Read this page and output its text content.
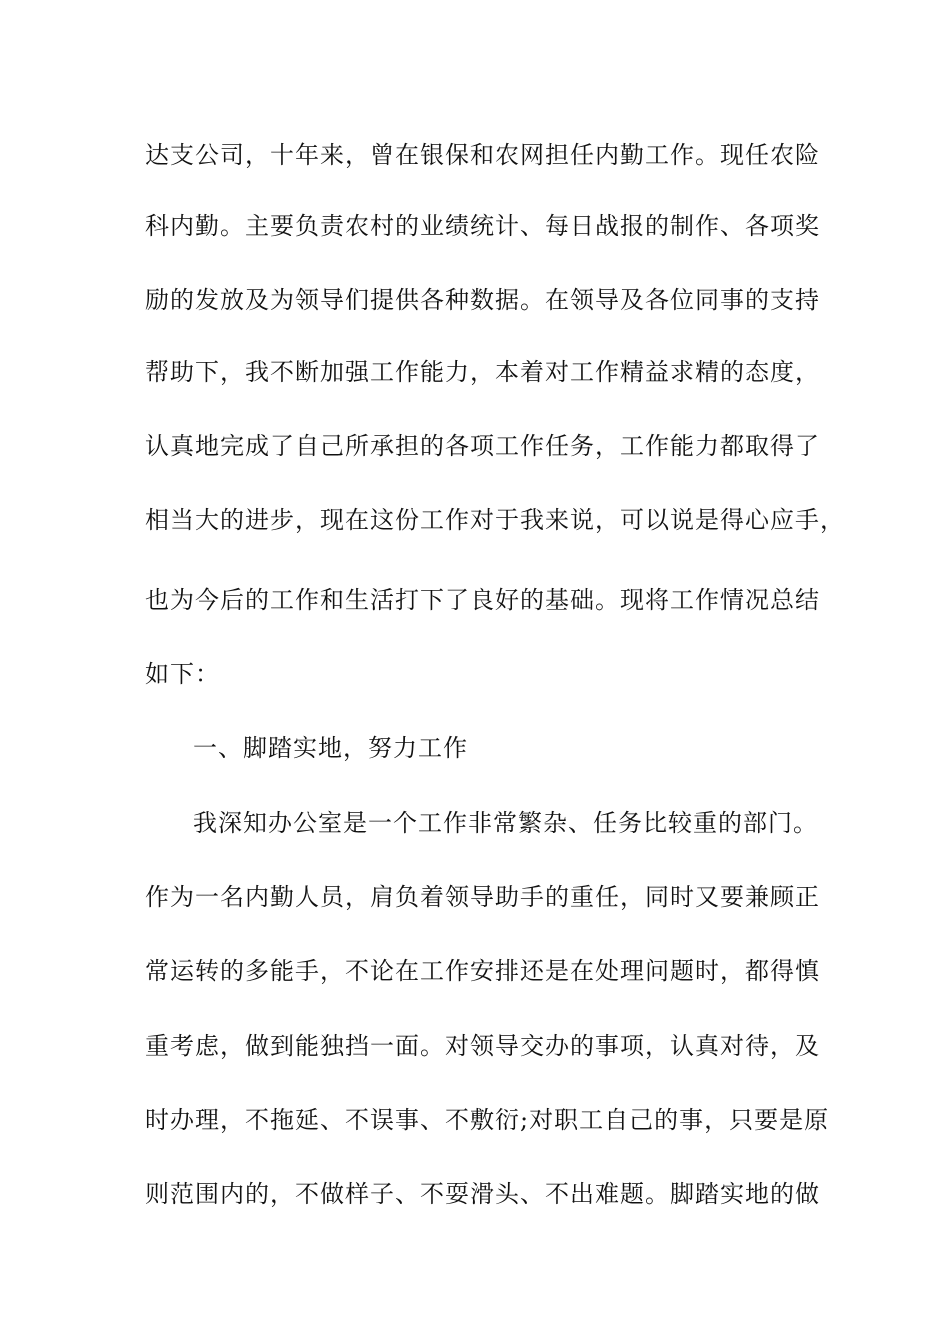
达支公司，十年来，曾在银保和农网担任内勤工作。现任农险
科内勤。主要负责农村的业绩统计、每日战报的制作、各项奖
励的发放及为领导们提供各种数据。在领导及各位同事的支持
帮助下，我不断加强工作能力，本着对工作精益求精的态度，
认真地完成了自己所承担的各项工作任务，工作能力都取得了
相当大的进步，现在这份工作对于我来说，可以说是得心应手，
也为今后的工作和生活打下了良好的基础。现将工作情况总结
如下：
一、脚踏实地，努力工作
我深知办公室是一个工作非常繁杂、任务比较重的部门。
作为一名内勤人员，肩负着领导助手的重任，同时又要兼顾正
常运转的多能手，不论在工作安排还是在处理问题时，都得慎
重考虑，做到能独挡一面。对领导交办的事项，认真对待，及
时办理，不拖延、不误事、不敷衍;对职工自己的事，只要是原
则范围内的，不做样子、不耍滑头、不出难题。脚踏实地的做
